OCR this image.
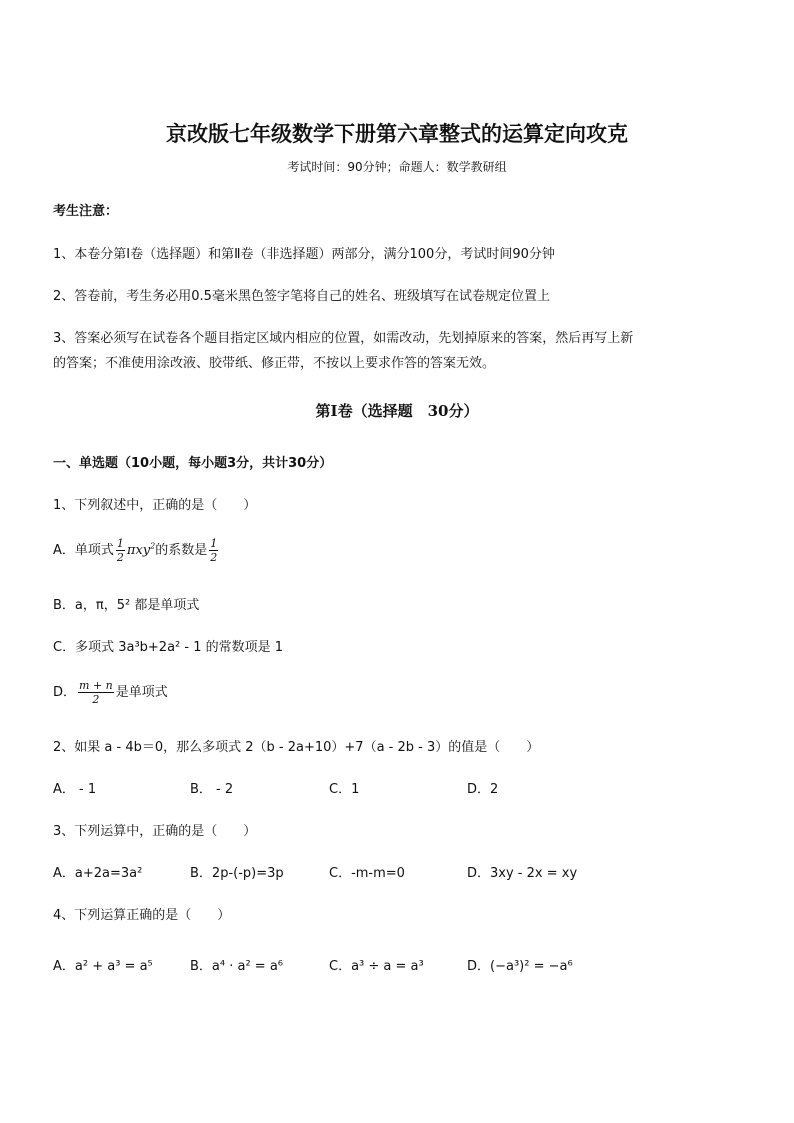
京改版七年级数学下册第六章整式的运算定向攻克
考试时间：90分钟；命题人：数学教研组
考生注意：
1、本卷分第Ⅰ卷（选择题）和第Ⅱ卷（非选择题）两部分，满分100分，考试时间90分钟
2、答卷前，考生务必用0.5毫米黑色签字笔将自己的姓名、班级填写在试卷规定位置上
3、答案必须写在试卷各个题目指定区域内相应的位置，如需改动，先划掉原来的答案，然后再写上新
的答案；不准使用涂改液、胶带纸、修正带，不按以上要求作答的答案无效。
第Ⅰ卷（选择题　30分）
一、单选题（10小题，每小题3分，共计30分）
1、下列叙述中，正确的是（　　）
A．单项式 $\frac{1}{2} \pi xy^2$的系数是 $\frac{1}{2}$
B．a，π，5² 都是单项式
C．多项式 3a³b+2a² - 1 的常数项是 1
D． $\frac{m + n}{2}$ 是单项式
2、如果 a - 4b＝0，那么多项式 2（b - 2a+10）+7（a - 2b - 3）的值是（　　）
A． - 1	B． - 2	C．1	D．2
3、下列运算中，正确的是（　　）
A．a+2a=3a²	B．2p-(-p)=3p	C．-m-m=0	D．3xy - 2x = xy
4、下列运算正确的是（　　）
A．a² + a³ = a⁵	B．a⁴ · a² = a⁶	C．a³ ÷ a = a³	D．(−a³)² = −a⁶
